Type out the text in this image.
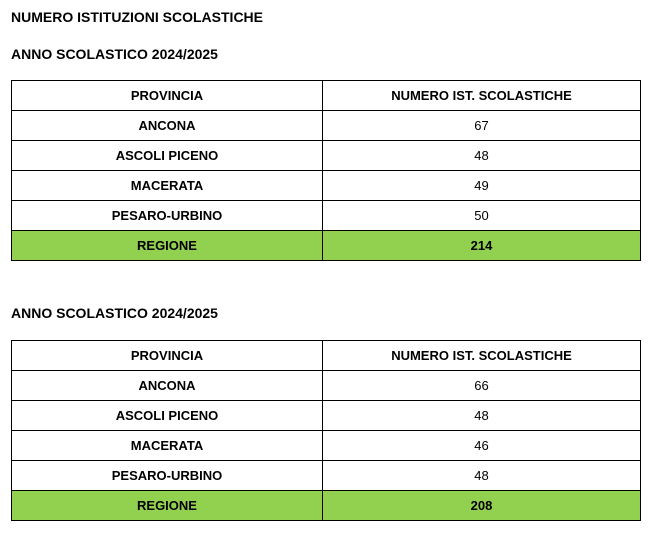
NUMERO ISTITUZIONI SCOLASTICHE
ANNO SCOLASTICO 2024/2025
PROVINCIA	NUMERO IST. SCOLASTICHE
ANCONA	67
ASCOLI PICENO	48
MACERATA	49
PESARO-URBINO	50
REGIONE	214
ANNO SCOLASTICO 2024/2025
PROVINCIA	NUMERO IST. SCOLASTICHE
ANCONA	66
ASCOLI PICENO	48
MACERATA	46
PESARO-URBINO	48
REGIONE	208
